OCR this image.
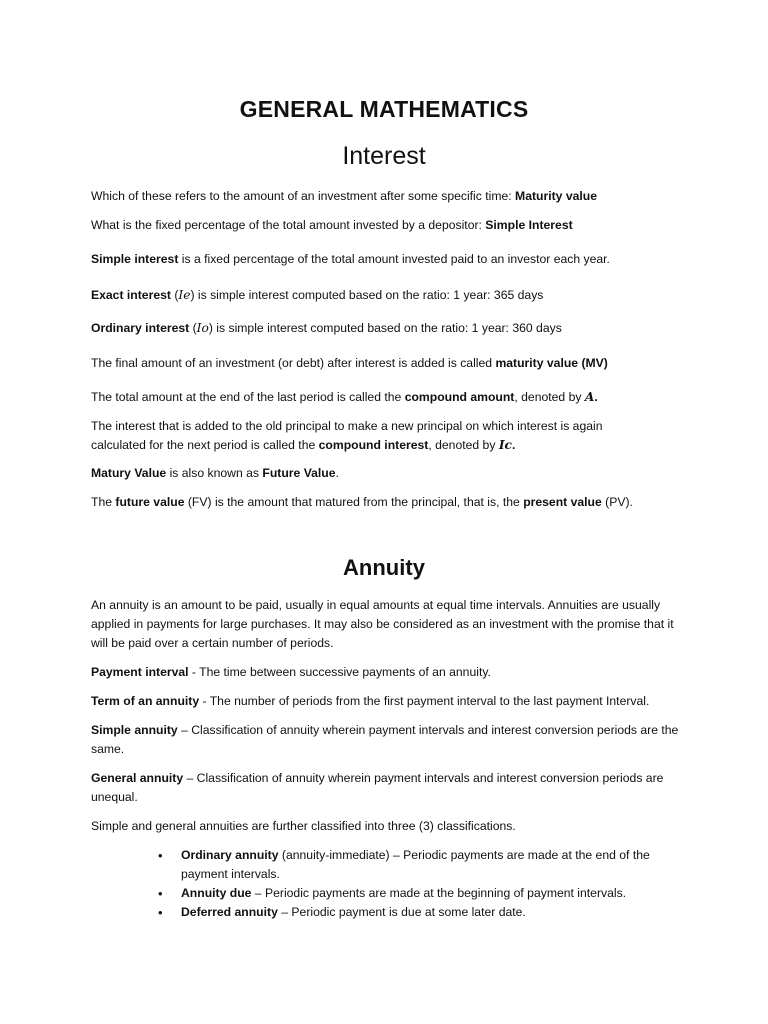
GENERAL MATHEMATICS
Interest

Which of these refers to the amount of an investment after some specific time: Maturity value

What is the fixed percentage of the total amount invested by a depositor: Simple Interest

Simple interest is a fixed percentage of the total amount invested paid to an investor each year.

Exact interest (Ie) is simple interest computed based on the ratio: 1 year: 365 days

Ordinary interest (Io) is simple interest computed based on the ratio: 1 year: 360 days

The final amount of an investment (or debt) after interest is added is called maturity value (MV)

The total amount at the end of the last period is called the compound amount, denoted by A.

The interest that is added to the old principal to make a new principal on which interest is again

calculated for the next period is called the compound interest, denoted by Ic.

Matury Value is also known as Future Value.

The future value (FV) is the amount that matured from the principal, that is, the present value (PV).

Annuity

An annuity is an amount to be paid, usually in equal amounts at equal time intervals. Annuities are usually applied in payments for large purchases. It may also be considered as an investment with the promise that it will be paid over a certain number of periods.

Payment interval - The time between successive payments of an annuity.

Term of an annuity - The number of periods from the first payment interval to the last payment Interval.

Simple annuity – Classification of annuity wherein payment intervals and interest conversion periods are the same.

General annuity – Classification of annuity wherein payment intervals and interest conversion periods are unequal.

Simple and general annuities are further classified into three (3) classifications.

• Ordinary annuity (annuity-immediate) – Periodic payments are made at the end of the payment intervals.
• Annuity due – Periodic payments are made at the beginning of payment intervals.
• Deferred annuity – Periodic payment is due at some later date.
